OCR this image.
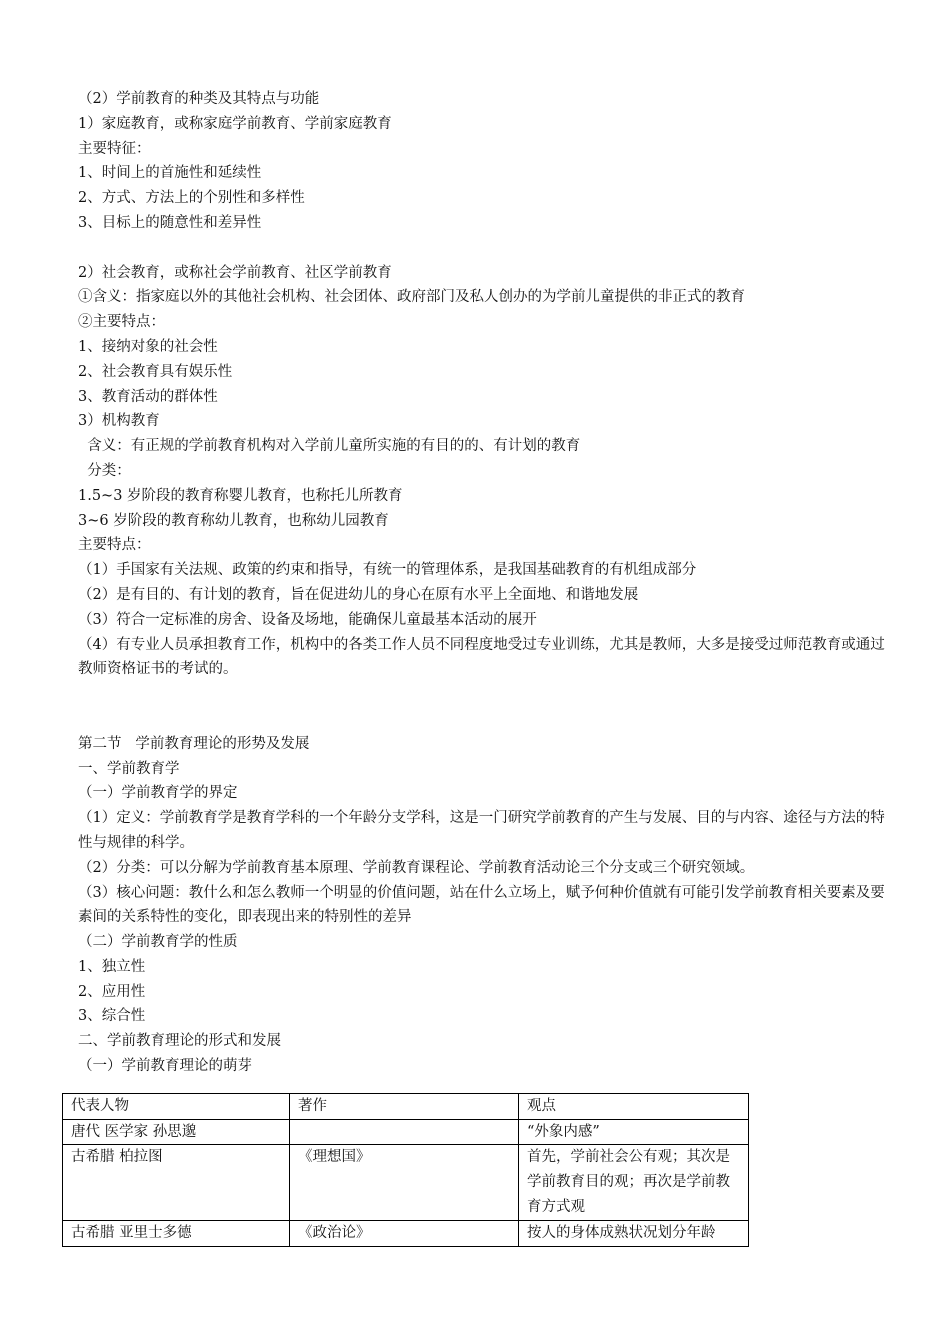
（2）学前教育的种类及其特点与功能
1）家庭教育，或称家庭学前教育、学前家庭教育
主要特征：
1、时间上的首施性和延续性
2、方式、方法上的个别性和多样性
3、目标上的随意性和差异性
2）社会教育，或称社会学前教育、社区学前教育
①含义：指家庭以外的其他社会机构、社会团体、政府部门及私人创办的为学前儿童提供的非正式的教育
②主要特点：
1、接纳对象的社会性
2、社会教育具有娱乐性
3、教育活动的群体性
3）机构教育
含义：有正规的学前教育机构对入学前儿童所实施的有目的的、有计划的教育
分类：
1.5~3 岁阶段的教育称婴儿教育，也称托儿所教育
3~6 岁阶段的教育称幼儿教育，也称幼儿园教育
主要特点：
（1）手国家有关法规、政策的约束和指导，有统一的管理体系，是我国基础教育的有机组成部分
（2）是有目的、有计划的教育，旨在促进幼儿的身心在原有水平上全面地、和谐地发展
（3）符合一定标准的房舍、设备及场地，能确保儿童最基本活动的展开
（4）有专业人员承担教育工作，机构中的各类工作人员不同程度地受过专业训练，尤其是教师，大多是接受过师范教育或通过教师资格证书的考试的。
第二节   学前教育理论的形势及发展
一、学前教育学
（一）学前教育学的界定
（1）定义：学前教育学是教育学科的一个年龄分支学科，这是一门研究学前教育的产生与发展、目的与内容、途径与方法的特性与规律的科学。
（2）分类：可以分解为学前教育基本原理、学前教育课程论、学前教育活动论三个分支或三个研究领域。
（3）核心问题：教什么和怎么教师一个明显的价值问题，站在什么立场上，赋予何种价值就有可能引发学前教育相关要素及要素间的关系特性的变化，即表现出来的特别性的差异
（二）学前教育学的性质
1、独立性
2、应用性
3、综合性
二、学前教育理论的形式和发展
（一）学前教育理论的萌芽
代表人物	著作	观点
唐代 医学家 孙思邈		“外象内感”
古希腊 柏拉图	《理想国》	首先，学前社会公有观；其次是学前教育目的观；再次是学前教育方式观
古希腊 亚里士多德	《政治论》	按人的身体成熟状况划分年龄
